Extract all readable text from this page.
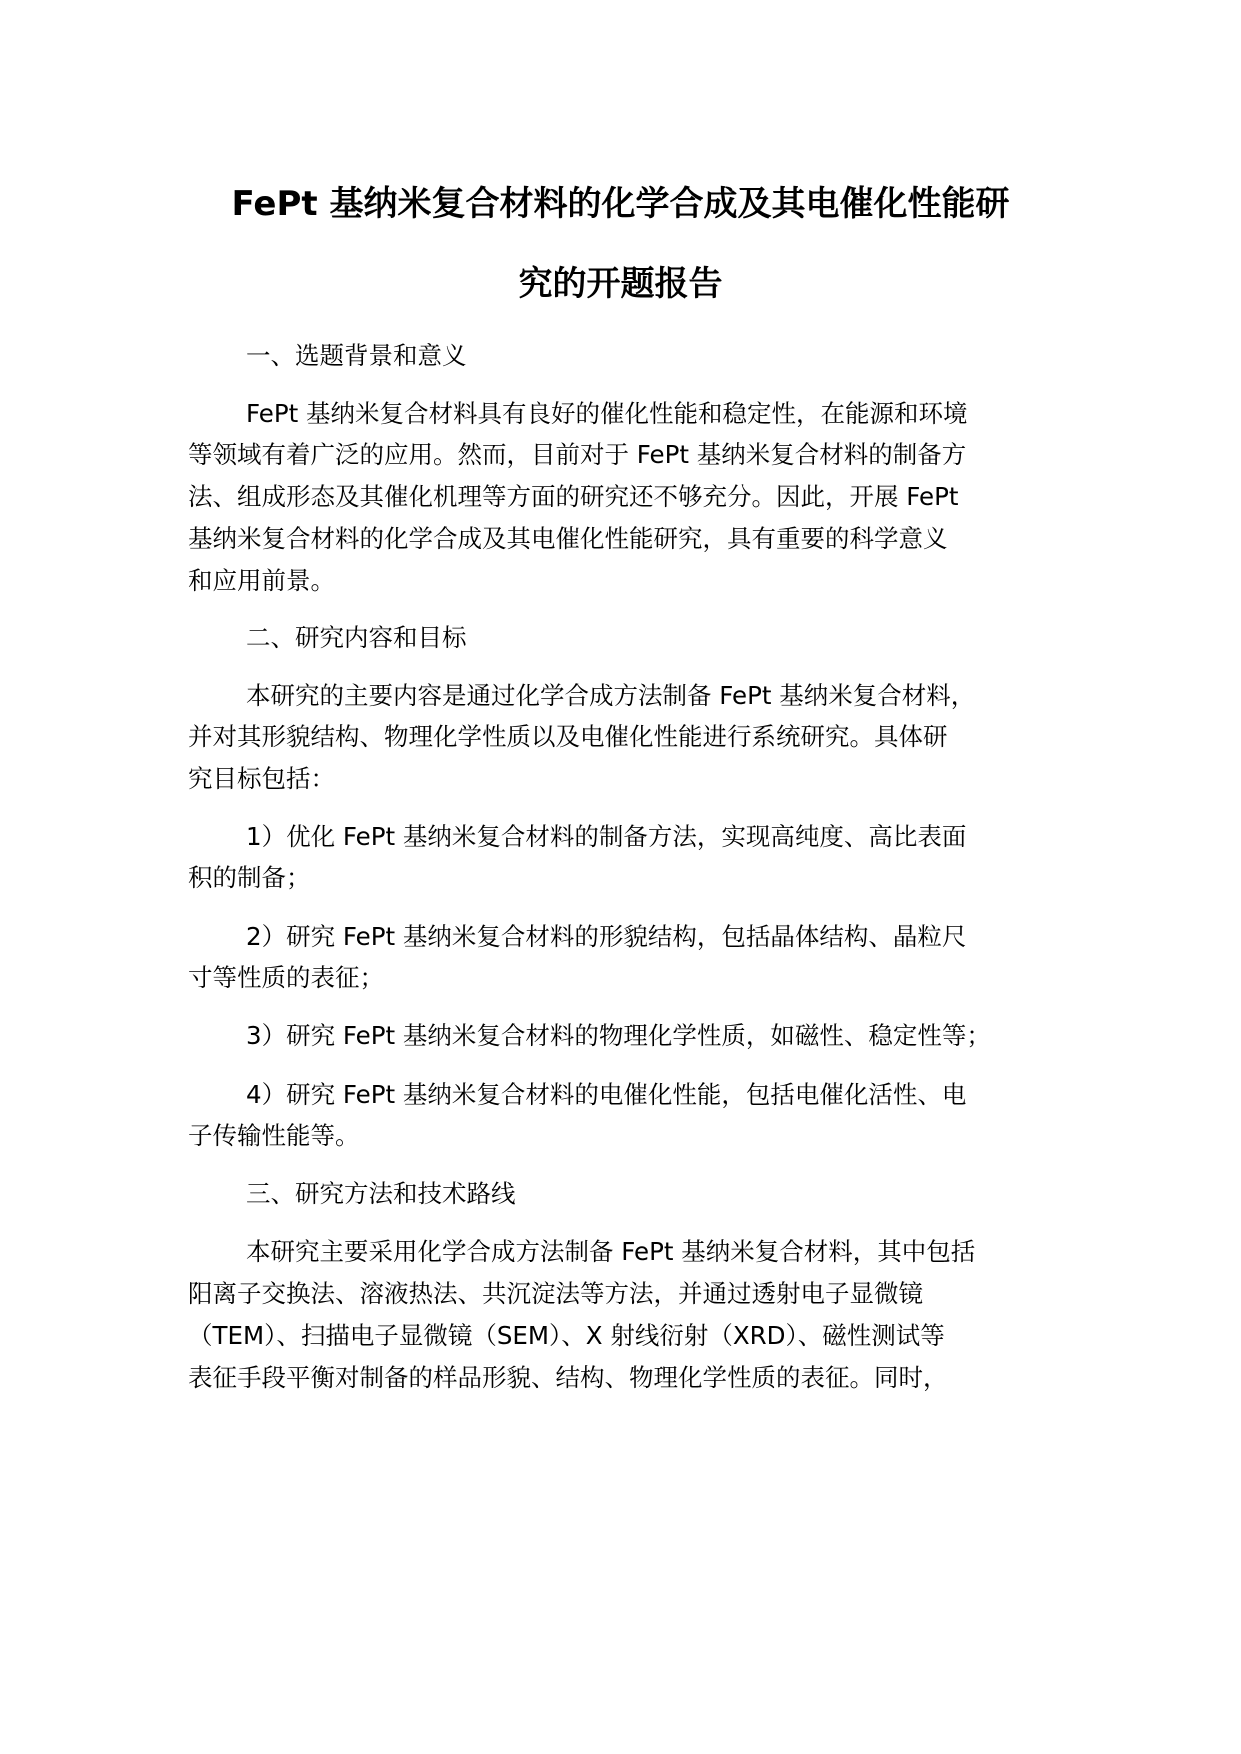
FePt 基纳米复合材料的化学合成及其电催化性能研
究的开题报告
一、选题背景和意义
FePt 基纳米复合材料具有良好的催化性能和稳定性，在能源和环境
等领域有着广泛的应用。然而，目前对于 FePt 基纳米复合材料的制备方
法、组成形态及其催化机理等方面的研究还不够充分。因此，开展 FePt
基纳米复合材料的化学合成及其电催化性能研究，具有重要的科学意义
和应用前景。
二、研究内容和目标
本研究的主要内容是通过化学合成方法制备 FePt 基纳米复合材料，
并对其形貌结构、物理化学性质以及电催化性能进行系统研究。具体研
究目标包括：
1）优化 FePt 基纳米复合材料的制备方法，实现高纯度、高比表面
积的制备；
2）研究 FePt 基纳米复合材料的形貌结构，包括晶体结构、晶粒尺
寸等性质的表征；
3）研究 FePt 基纳米复合材料的物理化学性质，如磁性、稳定性等；
4）研究 FePt 基纳米复合材料的电催化性能，包括电催化活性、电
子传输性能等。
三、研究方法和技术路线
本研究主要采用化学合成方法制备 FePt 基纳米复合材料，其中包括
阳离子交换法、溶液热法、共沉淀法等方法，并通过透射电子显微镜
（TEM）、扫描电子显微镜（SEM）、X 射线衍射（XRD）、磁性测试等
表征手段平衡对制备的样品形貌、结构、物理化学性质的表征。同时，
